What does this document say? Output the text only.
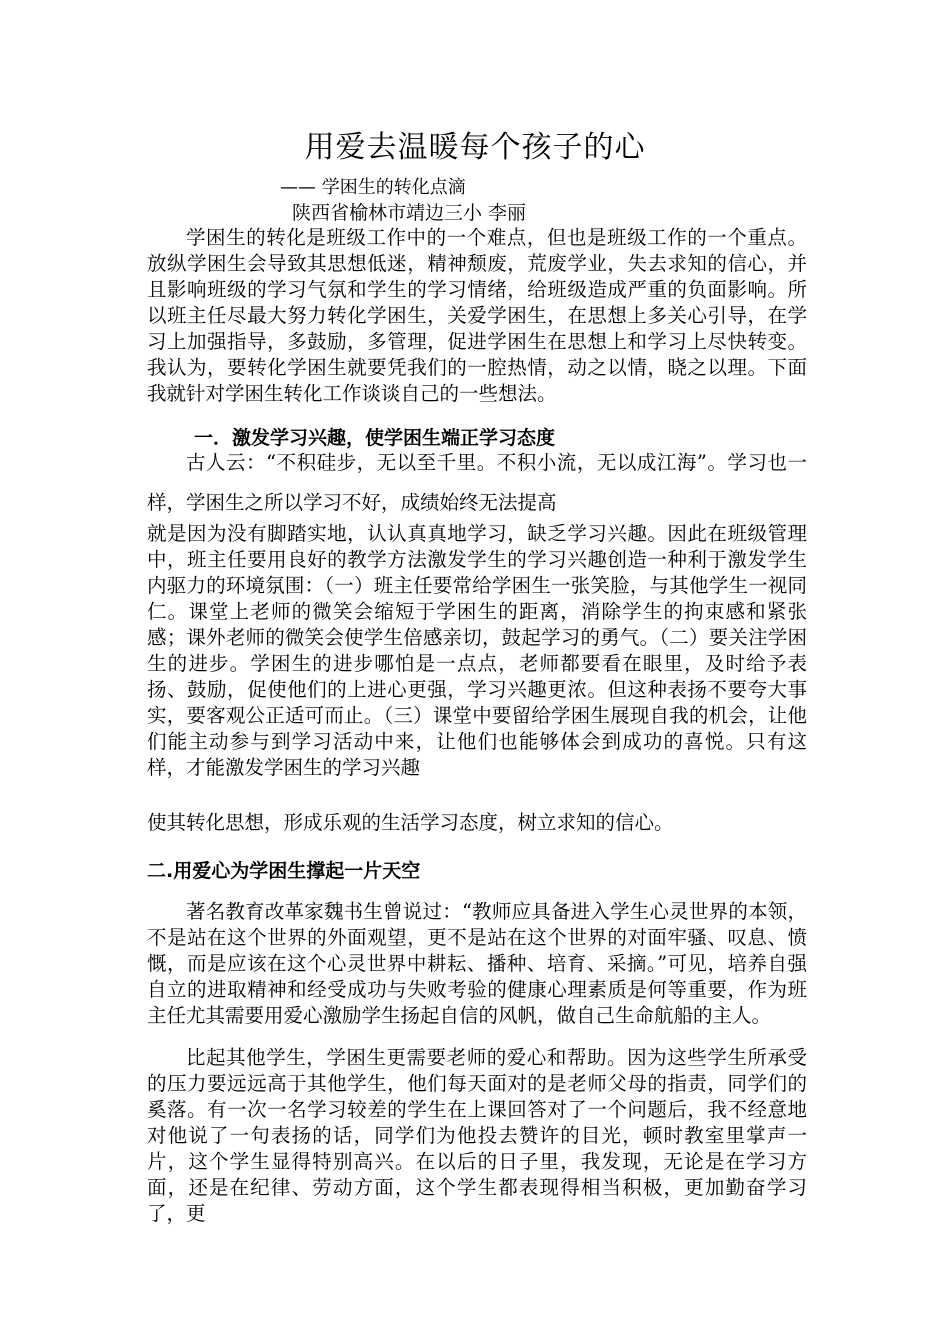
用爱去温暖每个孩子的心
—— 学困生的转化点滴
陕西省榆林市靖边三小 李丽

学困生的转化是班级工作中的一个难点，但也是班级工作的一个重点。放纵学困生会导致其思想低迷，精神颓废，荒废学业，失去求知的信心，并且影响班级的学习气氛和学生的学习情绪，给班级造成严重的负面影响。所以班主任尽最大努力转化学困生，关爱学困生，在思想上多关心引导，在学习上加强指导，多鼓励，多管理，促进学困生在思想上和学习上尽快转变。我认为，要转化学困生就要凭我们的一腔热情，动之以情，晓之以理。下面我就针对学困生转化工作谈谈自己的一些想法。

一．激发学习兴趣，使学困生端正学习态度

古人云：“不积硅步，无以至千里。不积小流，无以成江海”。学习也一样，学困生之所以学习不好，成绩始终无法提高

就是因为没有脚踏实地，认认真真地学习，缺乏学习兴趣。因此在班级管理中，班主任要用良好的教学方法激发学生的学习兴趣创造一种利于激发学生内驱力的环境氛围：（一）班主任要常给学困生一张笑脸，与其他学生一视同仁。课堂上老师的微笑会缩短于学困生的距离，消除学生的拘束感和紧张感；课外老师的微笑会使学生倍感亲切，鼓起学习的勇气。（二）要关注学困生的进步。学困生的进步哪怕是一点点，老师都要看在眼里，及时给予表扬、鼓励，促使他们的上进心更强，学习兴趣更浓。但这种表扬不要夸大事实，要客观公正适可而止。（三）课堂中要留给学困生展现自我的机会，让他们能主动参与到学习活动中来，让他们也能够体会到成功的喜悦。只有这样，才能激发学困生的学习兴趣

使其转化思想，形成乐观的生活学习态度，树立求知的信心。

二.用爱心为学困生撑起一片天空

著名教育改革家魏书生曾说过：“教师应具备进入学生心灵世界的本领，不是站在这个世界的外面观望，更不是站在这个世界的对面牢骚、叹息、愤慨，而是应该在这个心灵世界中耕耘、播种、培育、采摘。”可见，培养自强自立的进取精神和经受成功与失败考验的健康心理素质是何等重要，作为班主任尤其需要用爱心激励学生扬起自信的风帆，做自己生命航船的主人。

比起其他学生，学困生更需要老师的爱心和帮助。因为这些学生所承受的压力要远远高于其他学生，他们每天面对的是老师父母的指责，同学们的奚落。有一次一名学习较差的学生在上课回答对了一个问题后，我不经意地对他说了一句表扬的话，同学们为他投去赞许的目光，顿时教室里掌声一片，这个学生显得特别高兴。在以后的日子里，我发现，无论是在学习方面，还是在纪律、劳动方面，这个学生都表现得相当积极，更加勤奋学习了，更
